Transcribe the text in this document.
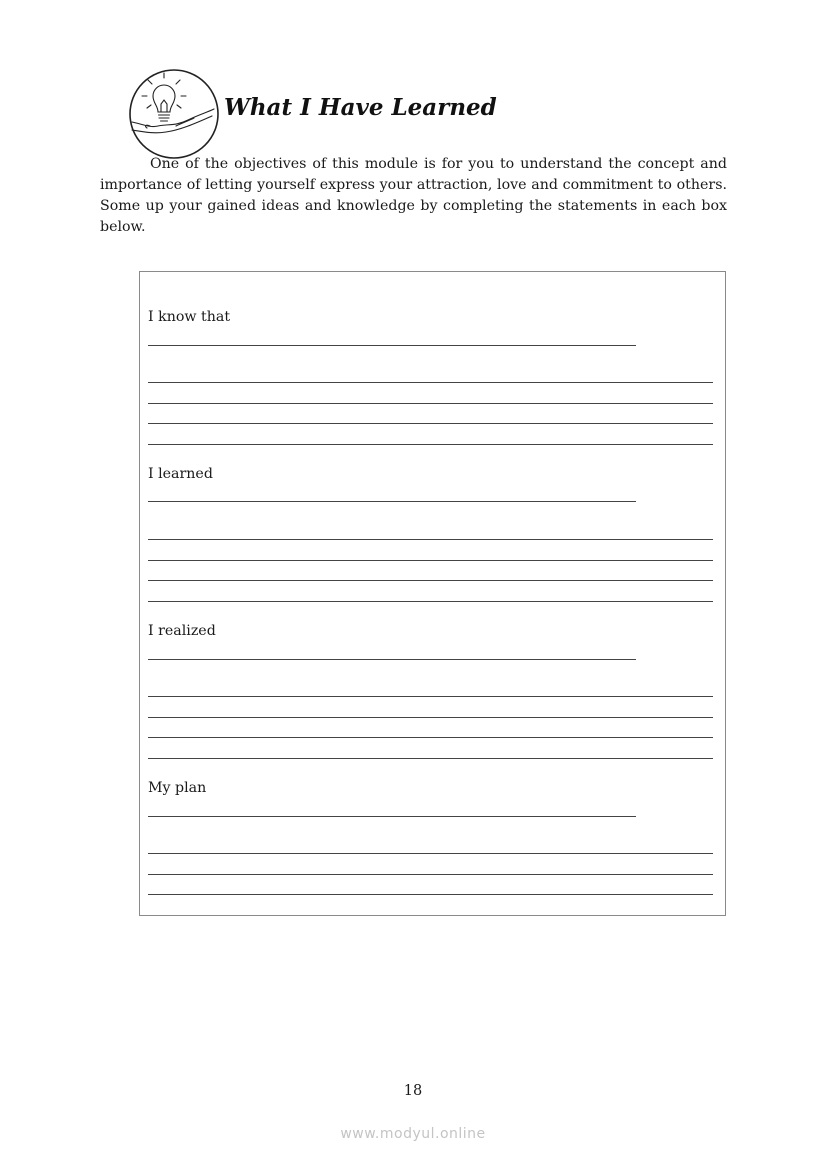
What I Have Learned

One of the objectives of this module is for you to understand the concept and importance of letting yourself express your attraction, love and commitment to others. Some up your gained ideas and knowledge by completing the statements in each box below.

I know that
I learned
I realized
My plan
18
www.modyul.online
